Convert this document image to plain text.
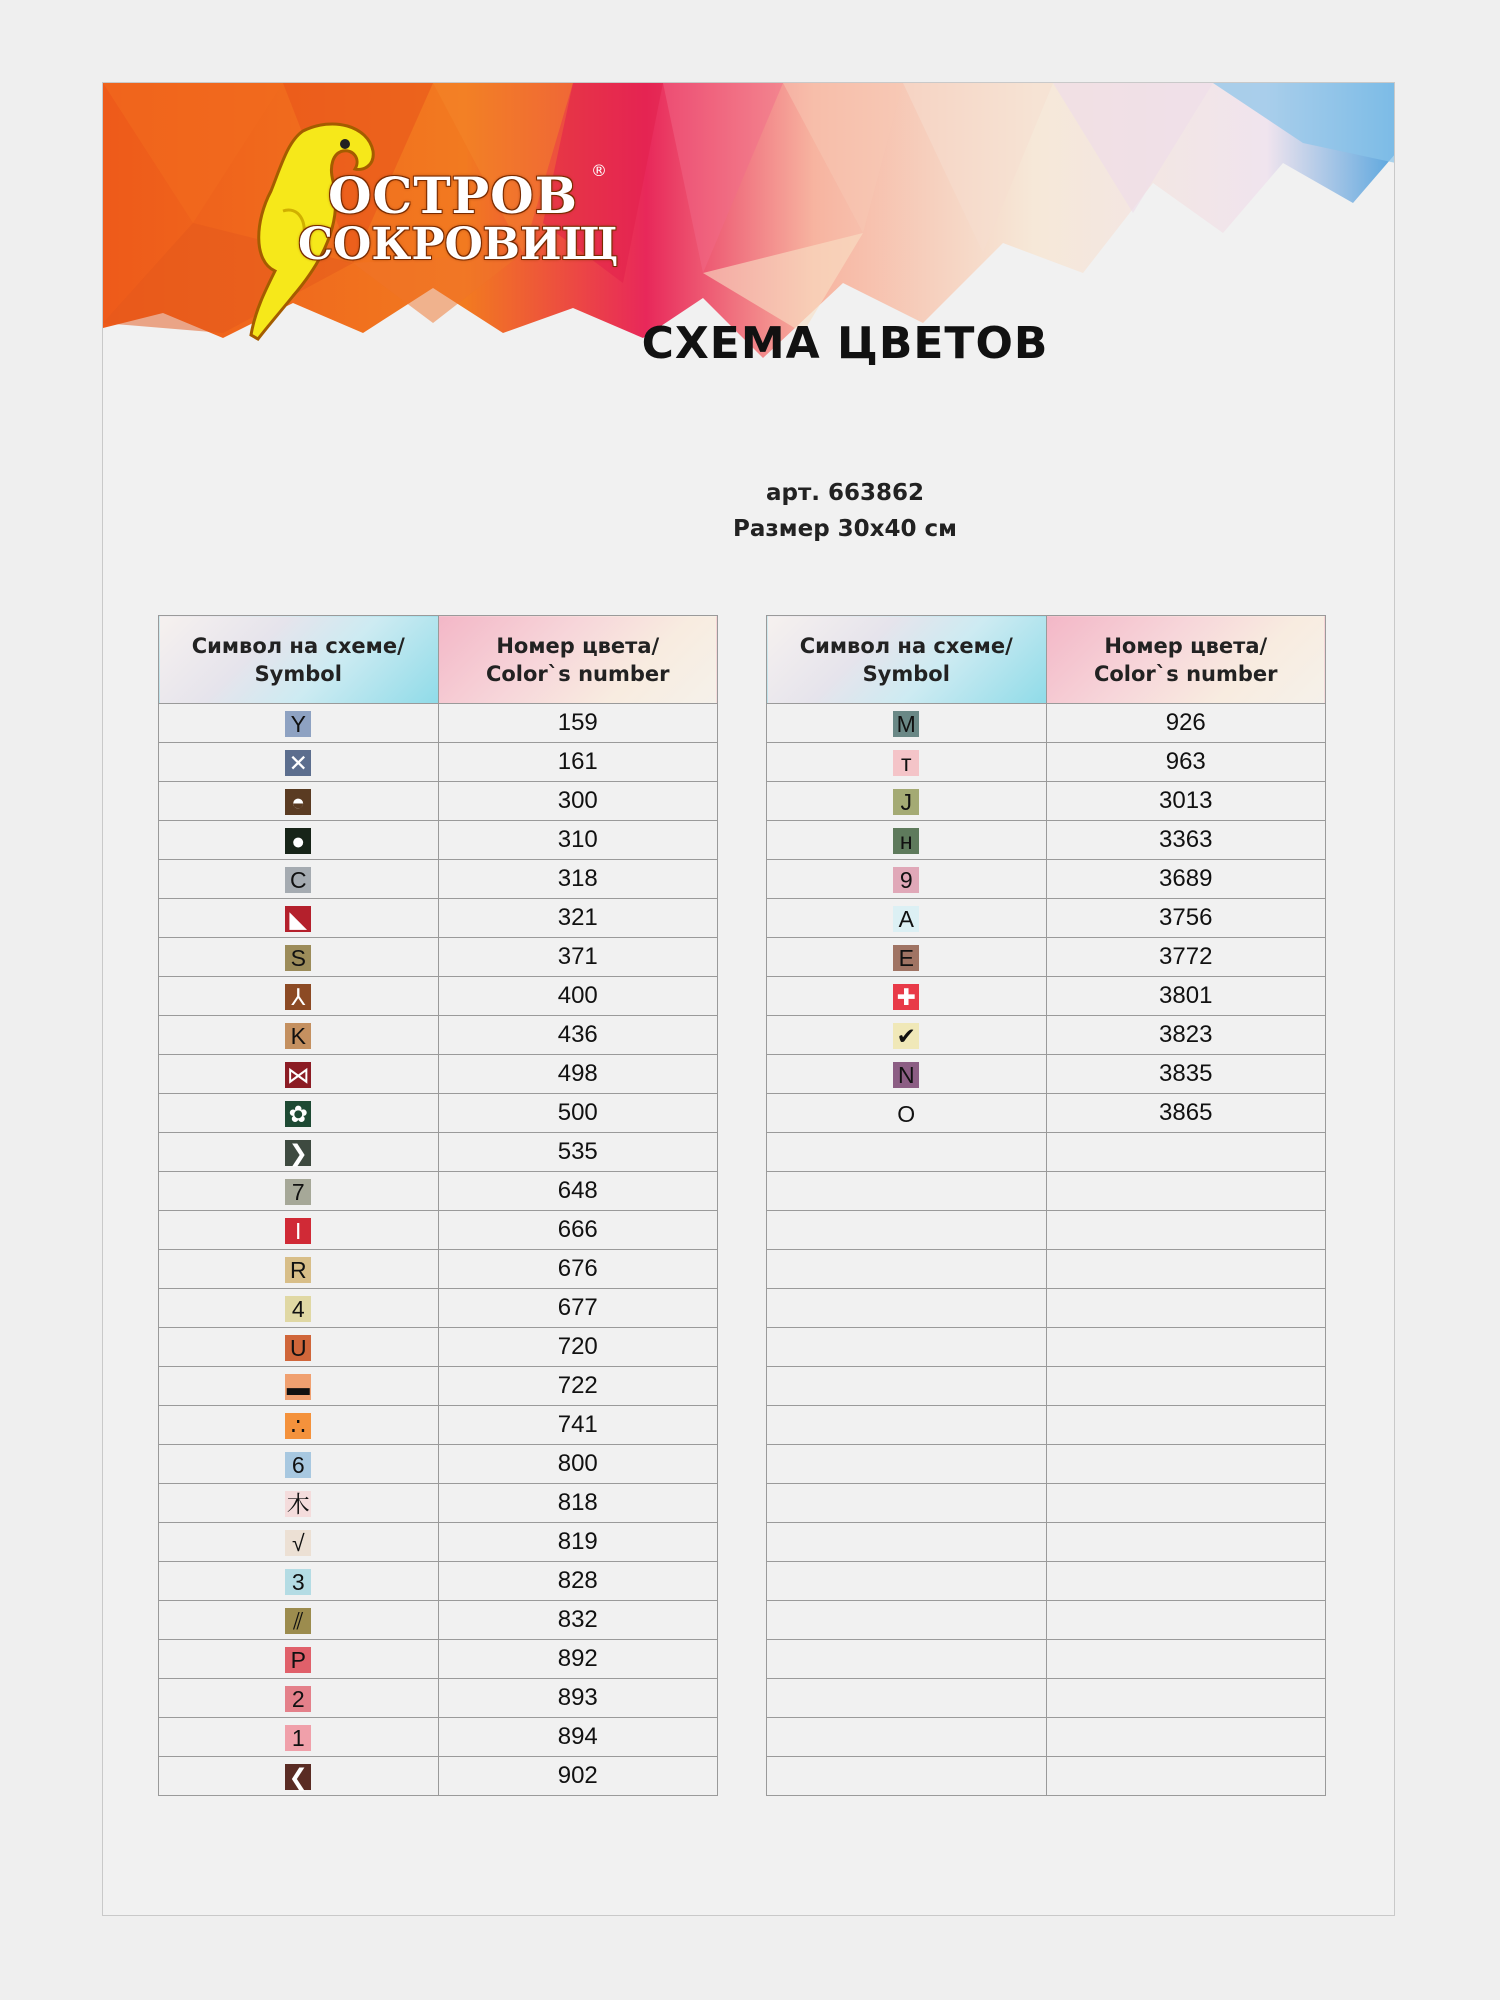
ОСТРОВ
СОКРОВИЩ
®
СХЕМА ЦВЕТОВ
арт. 663862
Размер 30x40 см
Символ на схеме/
Symbol	Номер цвета/
Color`s number
Y	159
✕	161
◓	300
●	310
C	318
◣	321
S	371
⅄	400
K	436
⋈	498
✿	500
❯	535
7	648
I	666
R	676
4	677
U	720
▬	722
∴	741
6	800
木	818
√	819
3	828
⫽	832
P	892
2	893
1	894
❮	902
Символ на схеме/
Symbol	Номер цвета/
Color`s number
M	926
т	963
J	3013
н	3363
9	3689
A	3756
E	3772
✚	3801
✔	3823
N	3835
O	3865
